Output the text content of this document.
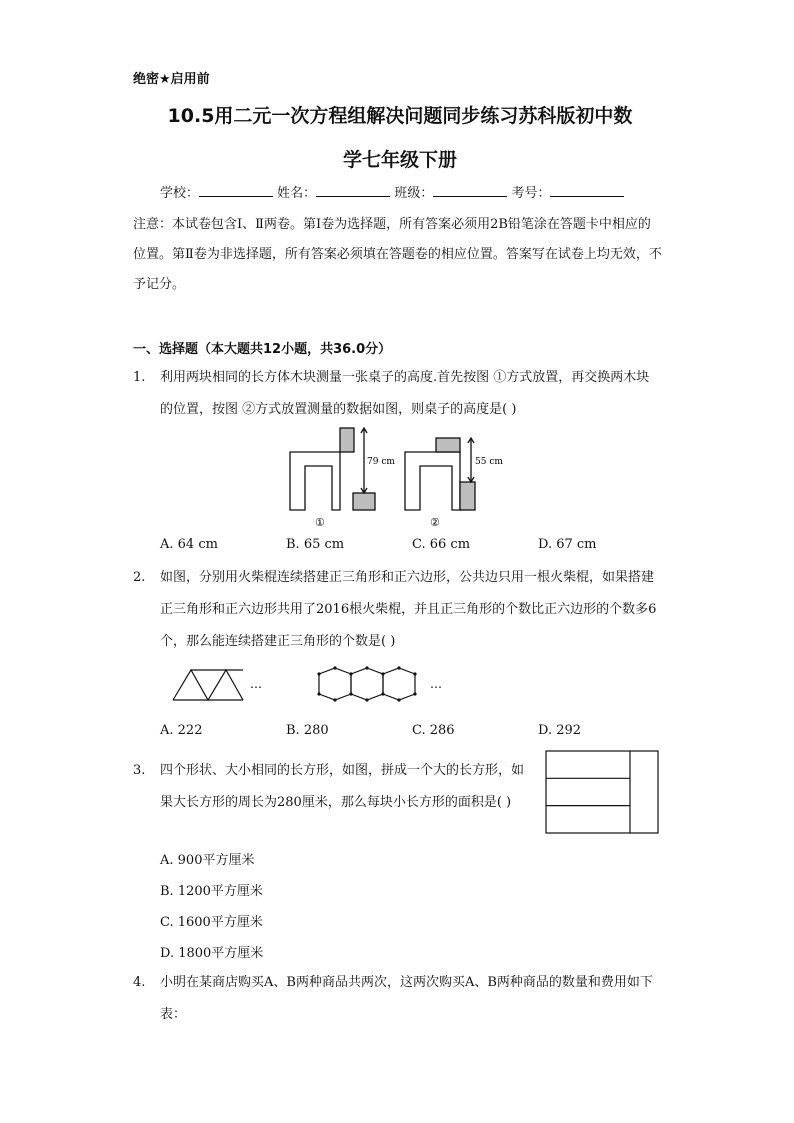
绝密★启用前
10.5用二元一次方程组解决问题同步练习苏科版初中数
学七年级下册
学校：	姓名：	班级：	考号：
注意：本试卷包含Ⅰ、Ⅱ两卷。第Ⅰ卷为选择题，所有答案必须用2B铅笔涂在答题卡中相应的位置。第Ⅱ卷为非选择题，所有答案必须填在答题卷的相应位置。答案写在试卷上均无效，不予记分。
一、选择题（本大题共12小题，共36.0分）
1. 利用两块相同的长方体木块测量一张桌子的高度.首先按图 ①方式放置，再交换两木块的位置，按图 ②方式放置测量的数据如图，则桌子的高度是( )
79 cm
①
55 cm
②
A. 64 cm	B. 65 cm	C. 66 cm	D. 67 cm
2. 如图，分别用火柴棍连续搭建正三角形和正六边形，公共边只用一根火柴棍，如果搭建正三角形和正六边形共用了2016根火柴棍，并且正三角形的个数比正六边形的个数多6个，那么能连续搭建正三角形的个数是( )
…	…
A. 222	B. 280	C. 286	D. 292
3. 四个形状、大小相同的长方形，如图，拼成一个大的长方形，如果大长方形的周长为280厘米，那么每块小长方形的面积是( )
A. 900平方厘米
B. 1200平方厘米
C. 1600平方厘米
D. 1800平方厘米
4. 小明在某商店购买A、B两种商品共两次，这两次购买A、B两种商品的数量和费用如下表：
